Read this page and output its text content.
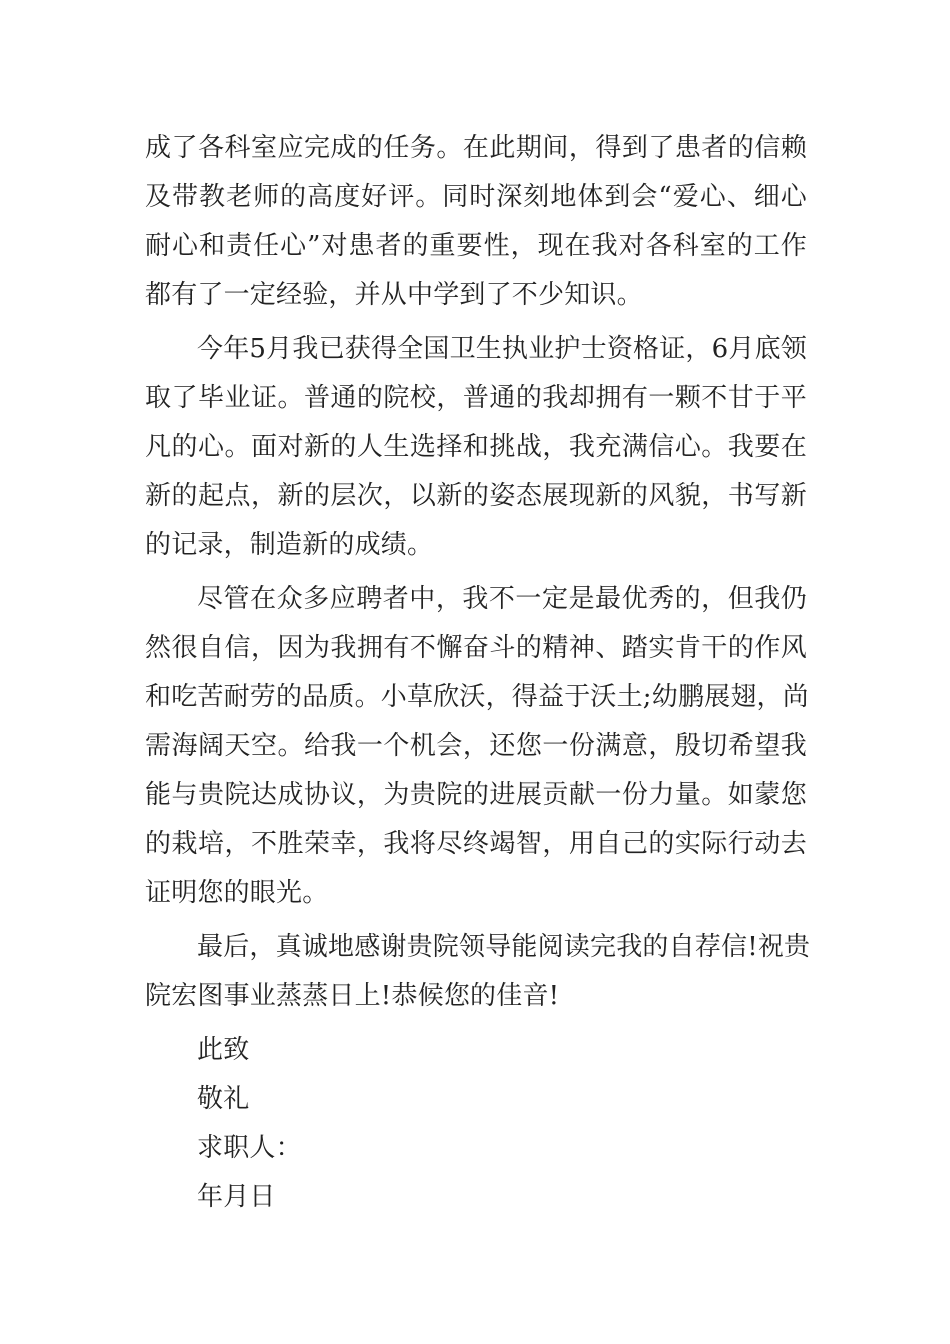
成了各科室应完成的任务。在此期间，得到了患者的信赖
及带教老师的高度好评。同时深刻地体到会“爱心、细心
耐心和责任心”对患者的重要性，现在我对各科室的工作
都有了一定经验，并从中学到了不少知识。
今年5月我已获得全国卫生执业护士资格证，6月底领
取了毕业证。普通的院校，普通的我却拥有一颗不甘于平
凡的心。面对新的人生选择和挑战，我充满信心。我要在
新的起点，新的层次，以新的姿态展现新的风貌，书写新
的记录，制造新的成绩。
尽管在众多应聘者中，我不一定是最优秀的，但我仍
然很自信，因为我拥有不懈奋斗的精神、踏实肯干的作风
和吃苦耐劳的品质。小草欣沃，得益于沃土;幼鹏展翅，尚
需海阔天空。给我一个机会，还您一份满意，殷切希望我
能与贵院达成协议，为贵院的进展贡献一份力量。如蒙您
的栽培，不胜荣幸，我将尽终竭智，用自己的实际行动去
证明您的眼光。
最后，真诚地感谢贵院领导能阅读完我的自荐信!祝贵
院宏图事业蒸蒸日上!恭候您的佳音!
此致
敬礼
求职人：
年月日
